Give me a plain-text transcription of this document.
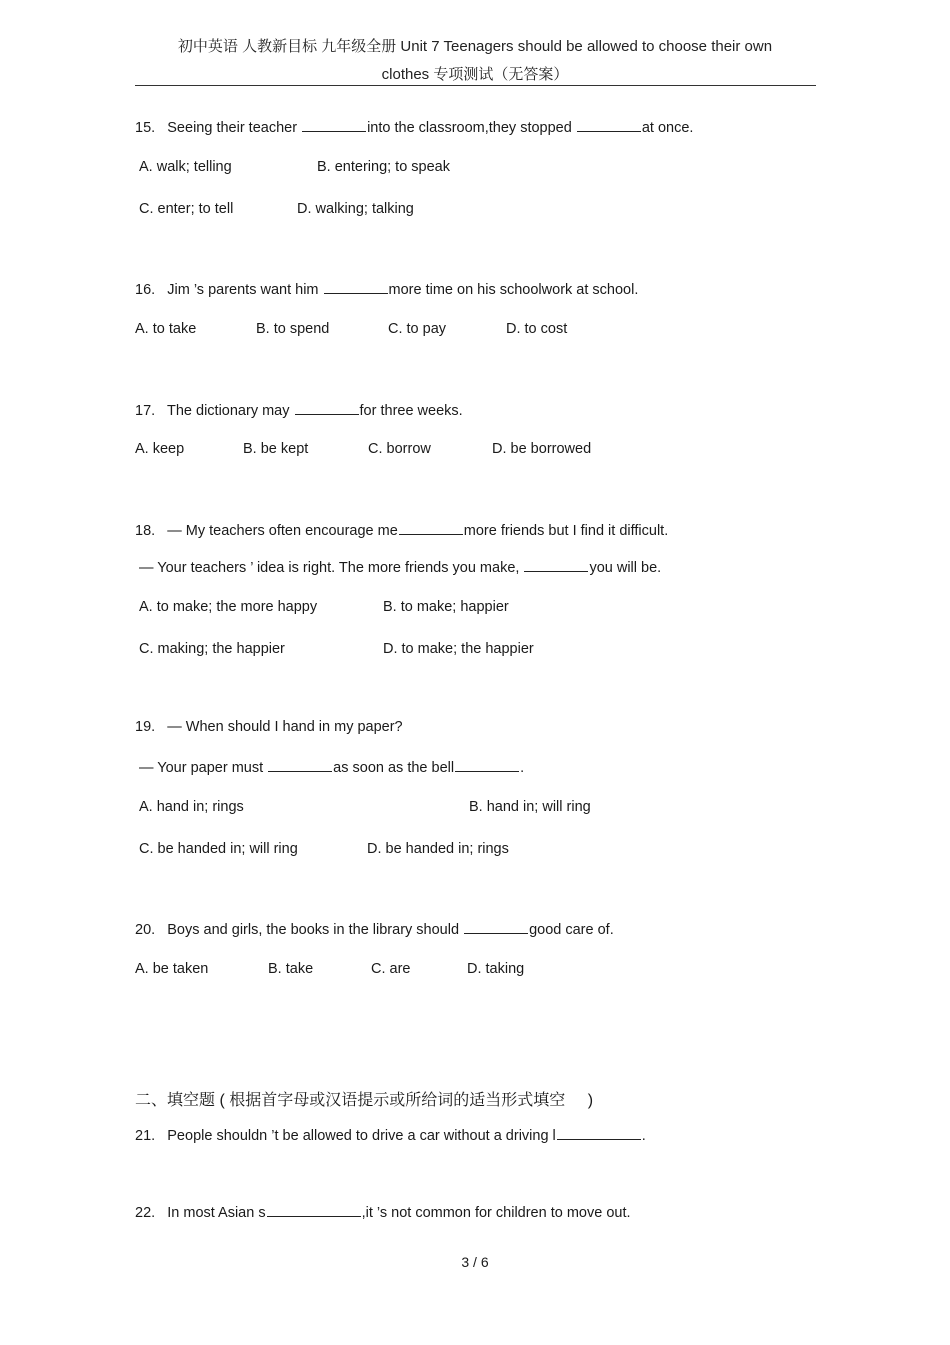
初中英语 人教新目标 九年级全册 Unit 7 Teenagers should be allowed to choose their own
clothes 专项测试（无答案）
15. Seeing their teacher	into the classroom,they stopped	at once.
A. walk; telling	B. entering; to speak
C. enter; to tell	D. walking; talking
16. Jim ’s parents want him	more time on his schoolwork at school.
A. to take	B. to spend	C. to pay	D. to cost
17. The dictionary may	for three weeks.
A. keep	B. be kept	C. borrow	D. be borrowed
18. — My teachers often encourage me	more friends but I find it difficult.
— Your teachers ’ idea is right. The more friends you make,	you will be.
A. to make; the more happy	B. to make; happier
C. making; the happier	D. to make; the happier
19. — When should I hand in my paper?
— Your paper must	as soon as the bell	.
A. hand in; rings	B. hand in; will ring
C. be handed in; will ring	D. be handed in; rings
20. Boys and girls, the books in the library should	good care of.
A. be taken	B. take	C. are	D. taking
二、填空题 ( 根据首字母或汉语提示或所给词的适当形式填空 )
21. People shouldn ’t be allowed to drive a car without a driving l	.
22. In most Asian s	,it ’s not common for children to move out.
3 / 6
